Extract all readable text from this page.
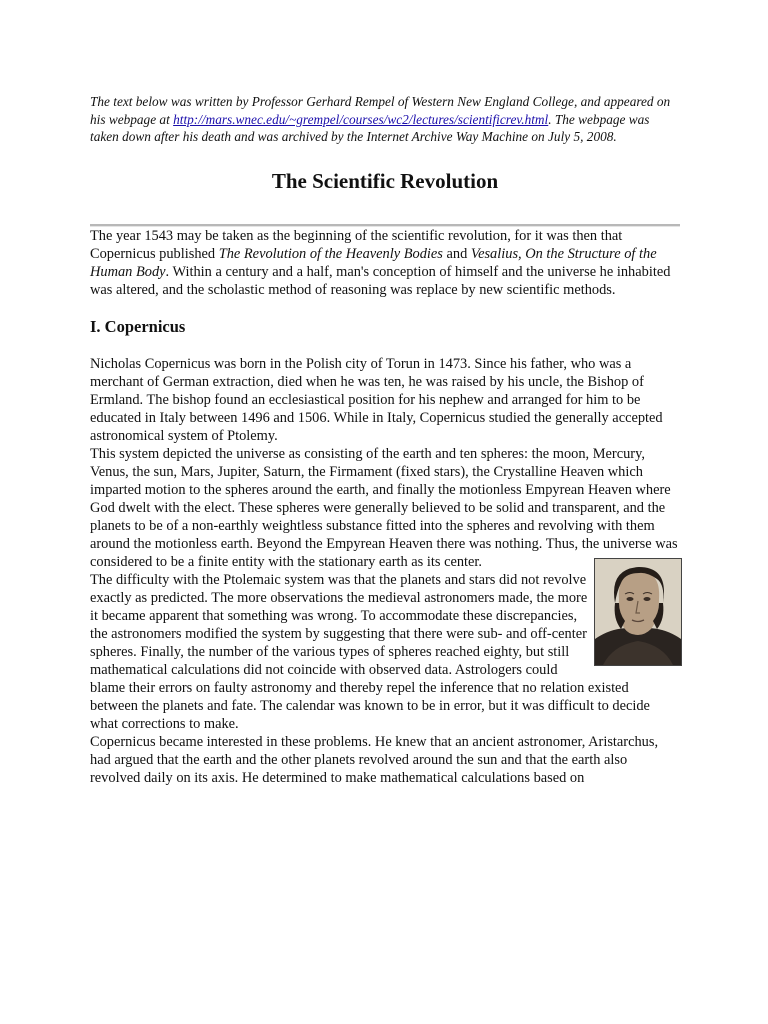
The text below was written by Professor Gerhard Rempel of Western New England College, and appeared on his webpage at http://mars.wnec.edu/~grempel/courses/wc2/lectures/scientificrev.html. The webpage was taken down after his death and was archived by the Internet Archive Way Machine on July 5, 2008.

The Scientific Revolution

The year 1543 may be taken as the beginning of the scientific revolution, for it was then that Copernicus published The Revolution of the Heavenly Bodies and Vesalius, On the Structure of the Human Body. Within a century and a half, man's conception of himself and the universe he inhabited was altered, and the scholastic method of reasoning was replace by new scientific methods.

I. Copernicus

Nicholas Copernicus was born in the Polish city of Torun in 1473. Since his father, who was a merchant of German extraction, died when he was ten, he was raised by his uncle, the Bishop of Ermland. The bishop found an ecclesiastical position for his nephew and arranged for him to be educated in Italy between 1496 and 1506. While in Italy, Copernicus studied the generally accepted astronomical system of Ptolemy.

This system depicted the universe as consisting of the earth and ten spheres: the moon, Mercury, Venus, the sun, Mars, Jupiter, Saturn, the Firmament (fixed stars), the Crystalline Heaven which imparted motion to the spheres around the earth, and finally the motionless Empyrean Heaven where God dwelt with the elect. These spheres were generally believed to be solid and transparent, and the planets to be of a non-earthly weightless substance fitted into the spheres and revolving with them around the motionless earth. Beyond the Empyrean Heaven there was nothing. Thus, the universe was considered to be a finite entity with the stationary earth as its center.

The difficulty with the Ptolemaic system was that the planets and stars did not revolve exactly as predicted. The more observations the medieval astronomers made, the more it became apparent that something was wrong. To accommodate these discrepancies, the astronomers modified the system by suggesting that there were sub- and off-center spheres. Finally, the number of the various types of spheres reached eighty, but still mathematical calculations did not coincide with observed data. Astrologers could blame their errors on faulty astronomy and thereby repel the inference that no relation existed between the planets and fate. The calendar was known to be in error, but it was difficult to decide what corrections to make.

Copernicus became interested in these problems. He knew that an ancient astronomer, Aristarchus, had argued that the earth and the other planets revolved around the sun and that the earth also revolved daily on its axis. He determined to make mathematical calculations based on
